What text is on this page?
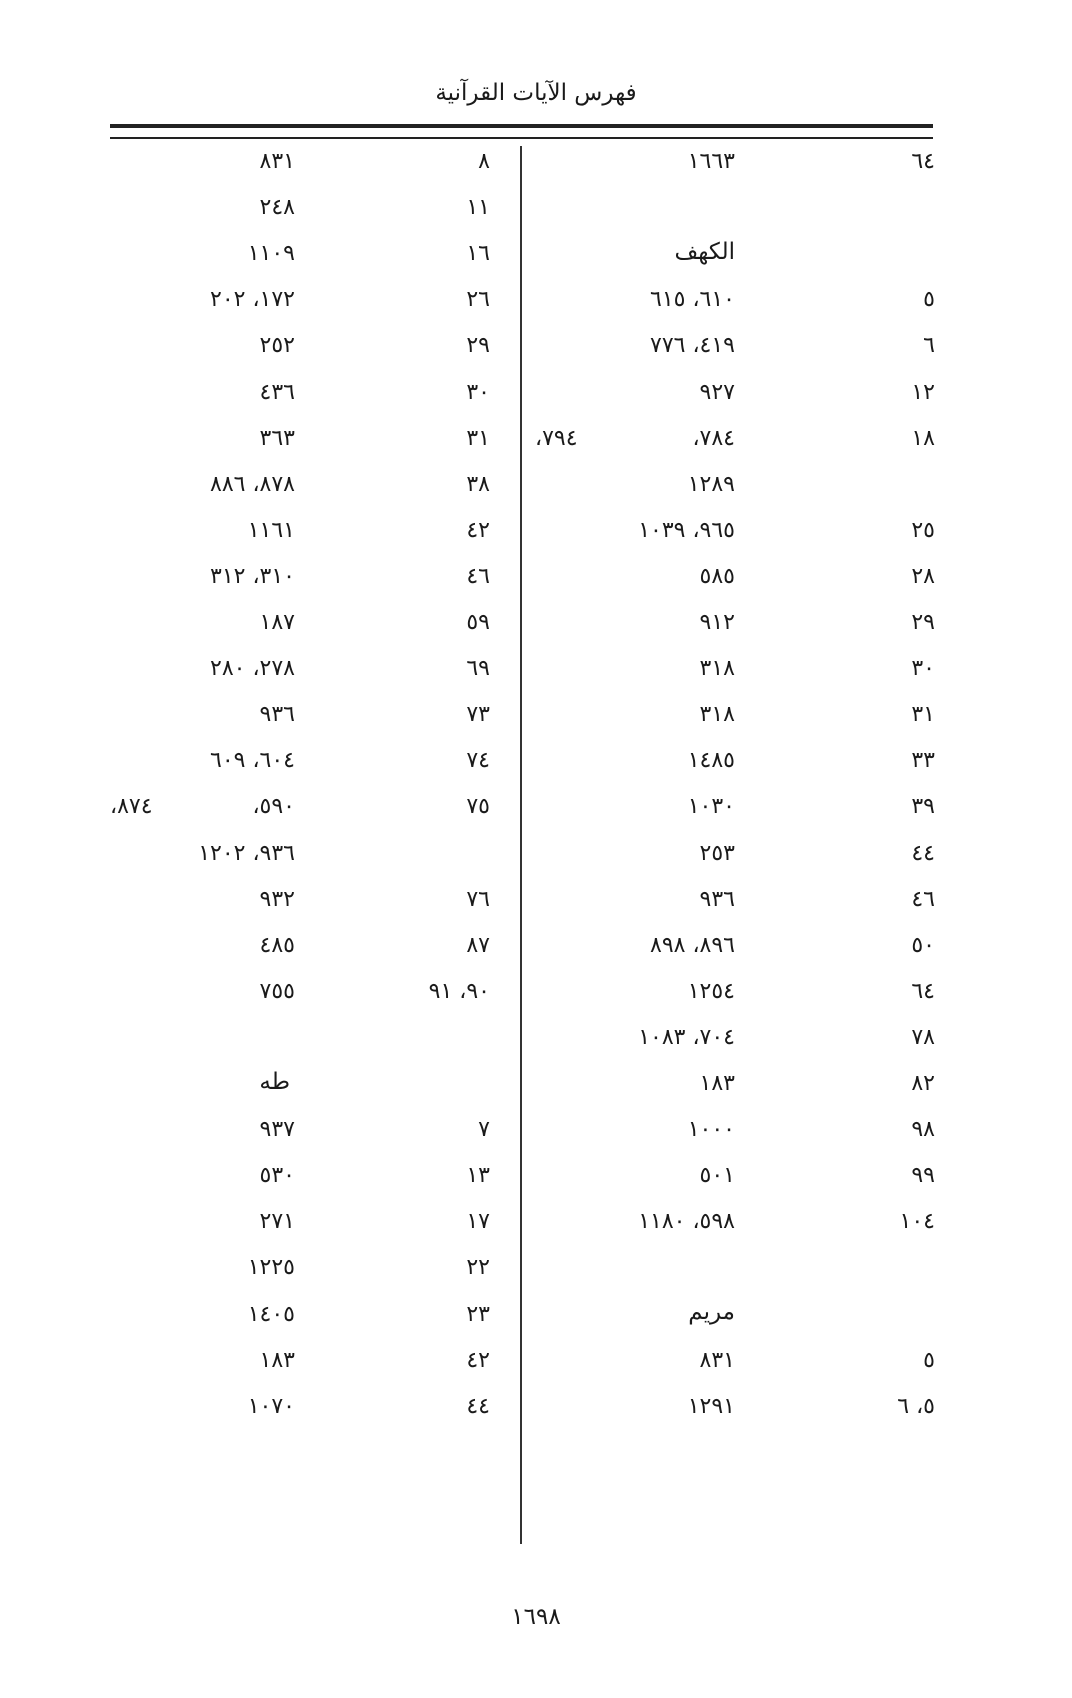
فهرس الآيات القرآنية
٦٤
١٦٦٣
الكهف
٥
٦١٠، ٦١٥
٦
٤١٩، ٧٧٦
١٢
٩٢٧
١٨
٧٨٤،
٧٩٤،
١٢٨٩
٢٥
٩٦٥، ١٠٣٩
٢٨
٥٨٥
٢٩
٩١٢
٣٠
٣١٨
٣١
٣١٨
٣٣
١٤٨٥
٣٩
١٠٣٠
٤٤
٢٥٣
٤٦
٩٣٦
٥٠
٨٩٦، ٨٩٨
٦٤
١٢٥٤
٧٨
٧٠٤، ١٠٨٣
٨٢
١٨٣
٩٨
١٠٠٠
٩٩
٥٠١
١٠٤
٥٩٨، ١١٨٠
مريم
٥
٨٣١
٥، ٦
١٢٩١
٨
٨٣١
١١
٢٤٨
١٦
١١٠٩
٢٦
١٧٢، ٢٠٢
٢٩
٢٥٢
٣٠
٤٣٦
٣١
٣٦٣
٣٨
٨٧٨، ٨٨٦
٤٢
١١٦١
٤٦
٣١٠، ٣١٢
٥٩
١٨٧
٦٩
٢٧٨، ٢٨٠
٧٣
٩٣٦
٧٤
٦٠٤، ٦٠٩
٧٥
٥٩٠،
٨٧٤،
٩٣٦، ١٢٠٢
٧٦
٩٣٢
٨٧
٤٨٥
٩٠، ٩١
٧٥٥
طه
٧
٩٣٧
١٣
٥٣٠
١٧
٢٧١
٢٢
١٢٢٥
٢٣
١٤٠٥
٤٢
١٨٣
٤٤
١٠٧٠
١٦٩٨
